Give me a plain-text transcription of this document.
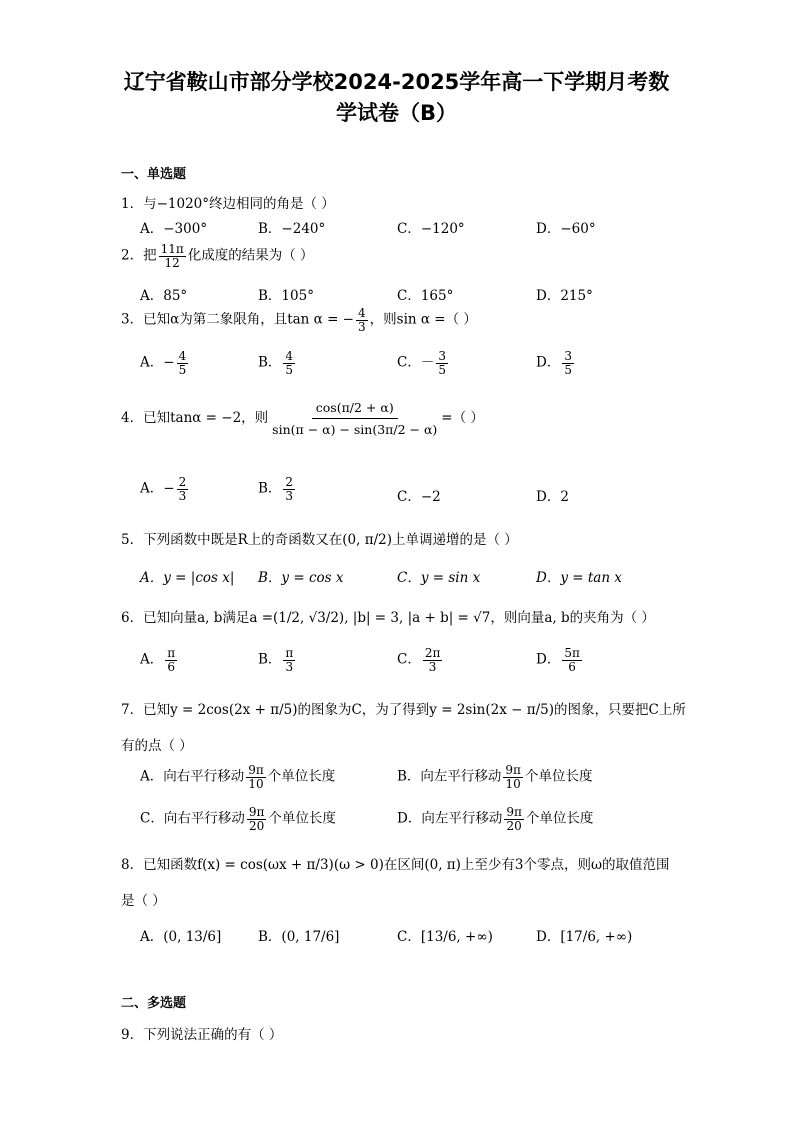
辽宁省鞍山市部分学校2024-2025学年高一下学期月考数
学试卷（B）
一、单选题
1．与−1020°终边相同的角是（ ）
A．−300°	B．−240°	C．−120°	D．−60°
2．把 $\frac{11\pi}{12}$ 化成度的结果为（ ）
A．85°	B．105°	C．165°	D．215°
3．已知α为第二象限角，且tan α = − $\frac{4}{3}$ ，则sin α =（ ）
A．− $\frac{4}{5}$	B． $\frac{4}{5}$	C．－ $\frac{3}{5}$	D． $\frac{3}{5}$
4．已知tanα = −2，则 $\frac{\cos(\pi/2 + \alpha)}{\sin(\pi - \alpha) - \sin(3\pi/2 - \alpha)}$ =（ ）
A．− $\frac{2}{3}$	B． $\frac{2}{3}$	C．−2	D．2
5．下列函数中既是R上的奇函数又在(0, π/2)上单调递增的是（ ）
A．y = |cos x| B．y = cos x	C．y = sin x	D．y = tan x
6．已知向量a, b满足a =(1/2, √3/2), |b| = 3, |a + b| = √7，则向量a, b的夹角为（ ）
A． $\frac{\pi}{6}$	B． $\frac{\pi}{3}$	C． $\frac{2\pi}{3}$	D． $\frac{5\pi}{6}$
7．已知y = 2cos(2x + π/5)的图象为C，为了得到y = 2sin(2x − π/5)的图象，只要把C上所
有的点（ ）
A．向右平行移动 $\frac{9\pi}{10}$ 个单位长度	B．向左平行移动 $\frac{9\pi}{10}$ 个单位长度
C．向右平行移动 $\frac{9\pi}{20}$ 个单位长度	D．向左平行移动 $\frac{9\pi}{20}$ 个单位长度
8．已知函数f(x) = cos(ωx + π/3)(ω > 0)在区间(0, π)上至少有3个零点，则ω的取值范围
是（ ）
A．(0, 13/6]	B．(0, 17/6]	C．[13/6, +∞)	D．[17/6, +∞)
二、多选题
9．下列说法正确的有（ ）
